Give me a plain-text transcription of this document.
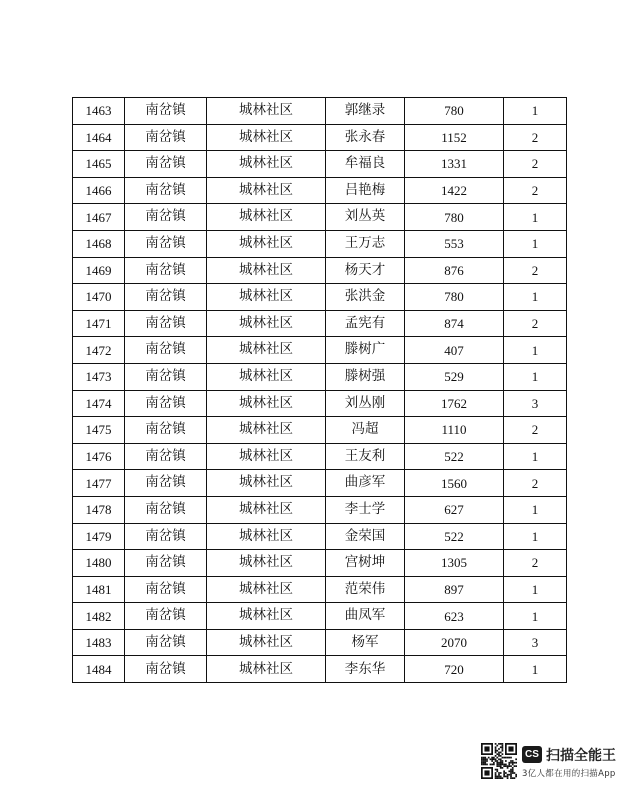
1463	南岔镇	城林社区	郭继录	780	1
1464	南岔镇	城林社区	张永春	1152	2
1465	南岔镇	城林社区	牟福良	1331	2
1466	南岔镇	城林社区	吕艳梅	1422	2
1467	南岔镇	城林社区	刘丛英	780	1
1468	南岔镇	城林社区	王万志	553	1
1469	南岔镇	城林社区	杨天才	876	2
1470	南岔镇	城林社区	张洪金	780	1
1471	南岔镇	城林社区	孟宪有	874	2
1472	南岔镇	城林社区	滕树广	407	1
1473	南岔镇	城林社区	滕树强	529	1
1474	南岔镇	城林社区	刘丛刚	1762	3
1475	南岔镇	城林社区	冯超	1110	2
1476	南岔镇	城林社区	王友利	522	1
1477	南岔镇	城林社区	曲彦军	1560	2
1478	南岔镇	城林社区	李士学	627	1
1479	南岔镇	城林社区	金荣国	522	1
1480	南岔镇	城林社区	宫树坤	1305	2
1481	南岔镇	城林社区	范荣伟	897	1
1482	南岔镇	城林社区	曲凤军	623	1
1483	南岔镇	城林社区	杨军	2070	3
1484	南岔镇	城林社区	李东华	720	1
CS 扫描全能王
3亿人都在用的扫描App
